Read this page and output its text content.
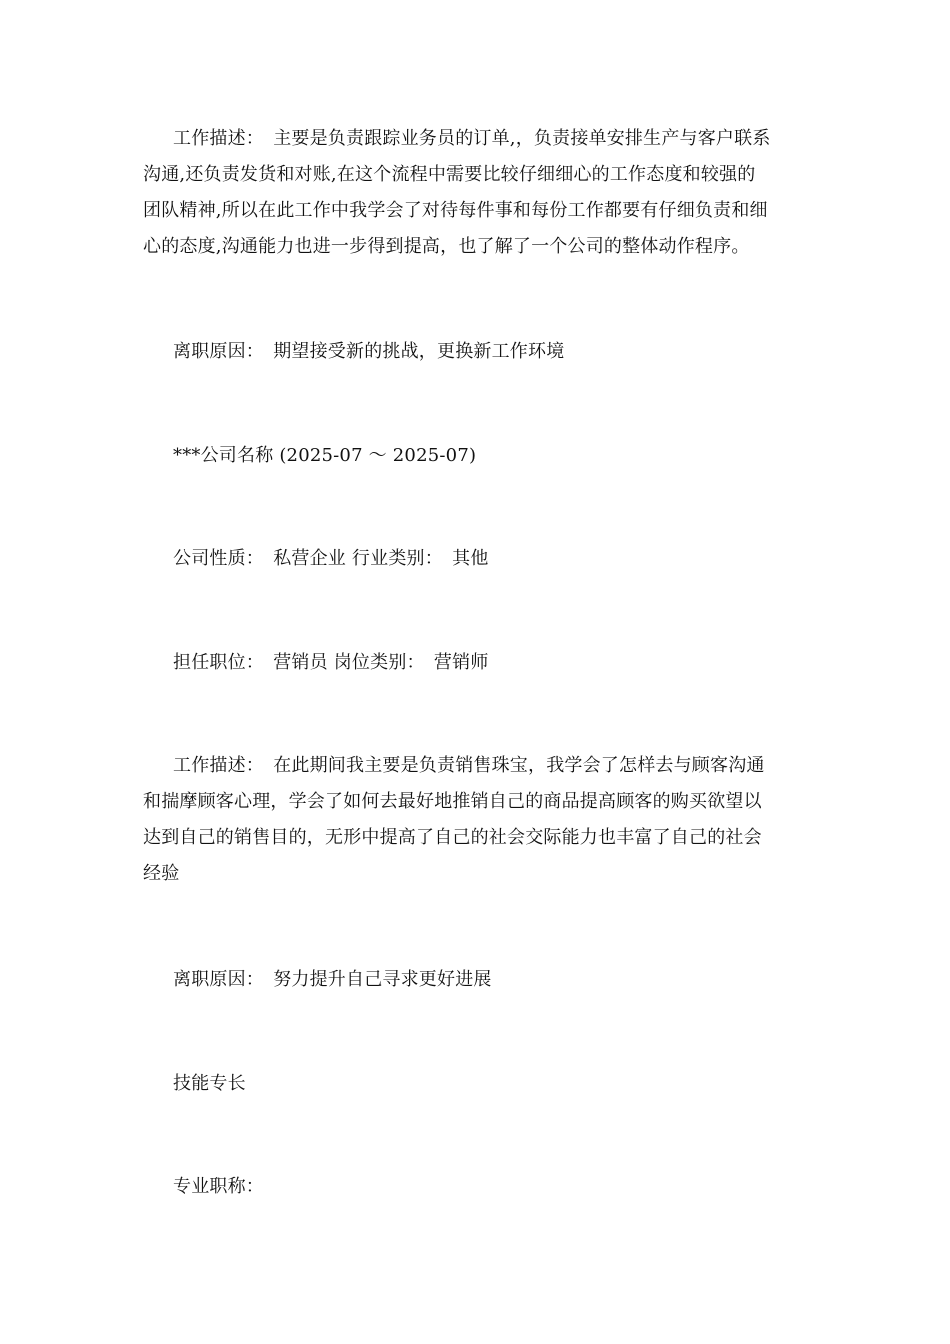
工作描述：　主要是负责跟踪业务员的订单,，负责接单安排生产与客户联系
沟通,还负责发货和对账,在这个流程中需要比较仔细细心的工作态度和较强的
团队精神,所以在此工作中我学会了对待每件事和每份工作都要有仔细负责和细
心的态度,沟通能力也进一步得到提高，也了解了一个公司的整体动作程序。
离职原因：　期望接受新的挑战，更换新工作环境
***公司名称 (2025-07 ～ 2025-07)
公司性质：　私营企业 行业类别：　其他
担任职位：　营销员 岗位类别：　营销师
工作描述：　在此期间我主要是负责销售珠宝，我学会了怎样去与顾客沟通
和揣摩顾客心理，学会了如何去最好地推销自己的商品提高顾客的购买欲望以
达到自己的销售目的，无形中提高了自己的社会交际能力也丰富了自己的社会
经验
离职原因：　努力提升自己寻求更好进展
技能专长
专业职称：
